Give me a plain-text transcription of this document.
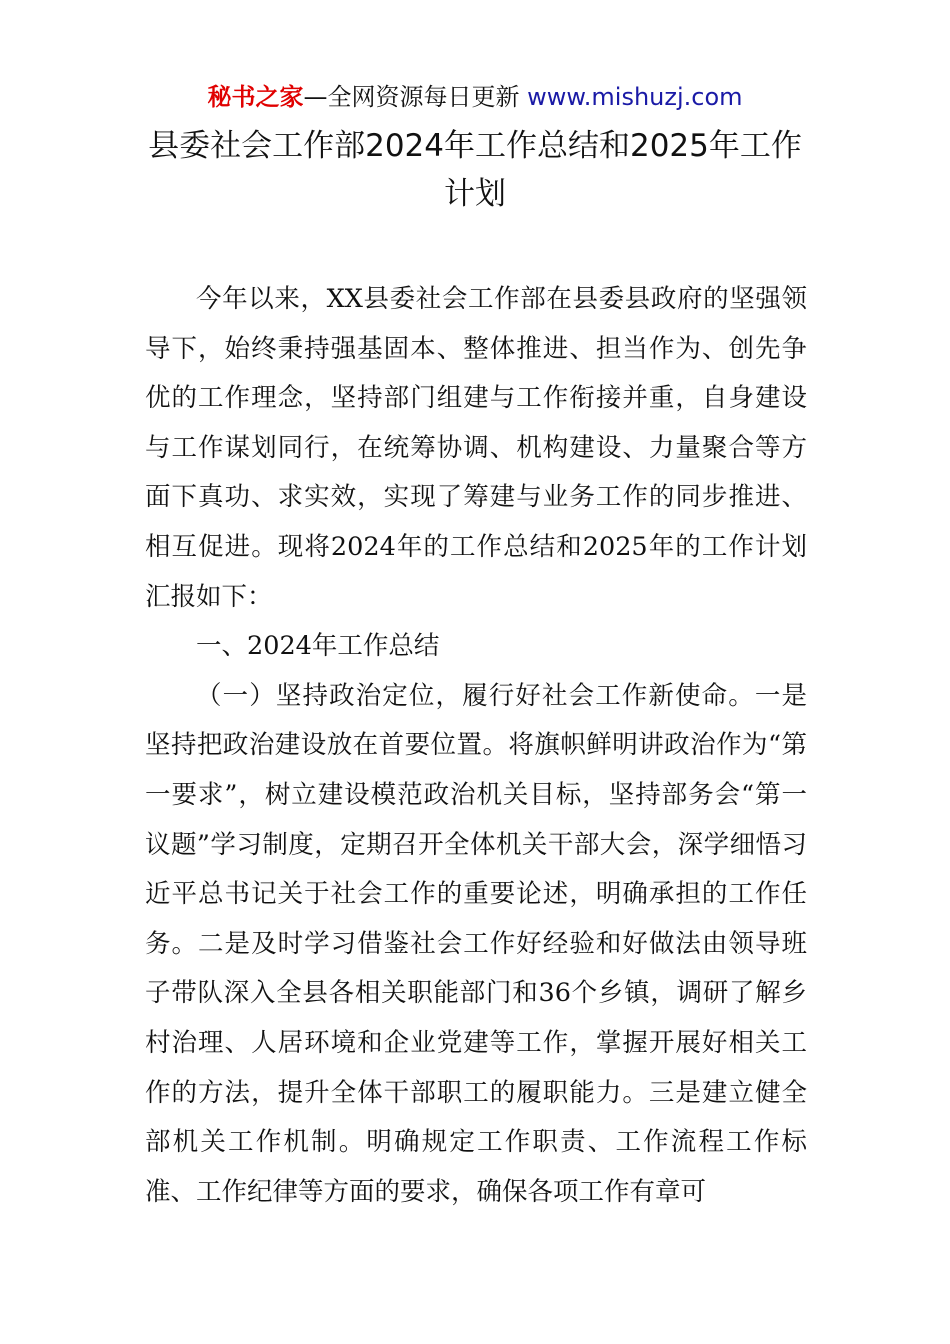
秘书之家—全网资源每日更新 www.mishuzj.com
县委社会工作部2024年工作总结和2025年工作计划

今年以来，XX县委社会工作部在县委县政府的坚强领导下，始终秉持强基固本、整体推进、担当作为、创先争优的工作理念，坚持部门组建与工作衔接并重，自身建设与工作谋划同行，在统筹协调、机构建设、力量聚合等方面下真功、求实效，实现了筹建与业务工作的同步推进、相互促进。现将2024年的工作总结和2025年的工作计划汇报如下：

一、2024年工作总结

（一）坚持政治定位，履行好社会工作新使命。一是坚持把政治建设放在首要位置。将旗帜鲜明讲政治作为“第一要求”，树立建设模范政治机关目标，坚持部务会“第一议题”学习制度，定期召开全体机关干部大会，深学细悟习近平总书记关于社会工作的重要论述，明确承担的工作任务。二是及时学习借鉴社会工作好经验和好做法由领导班子带队深入全县各相关职能部门和36个乡镇，调研了解乡村治理、人居环境和企业党建等工作，掌握开展好相关工作的方法，提升全体干部职工的履职能力。三是建立健全部机关工作机制。明确规定工作职责、工作流程工作标准、工作纪律等方面的要求，确保各项工作有章可
